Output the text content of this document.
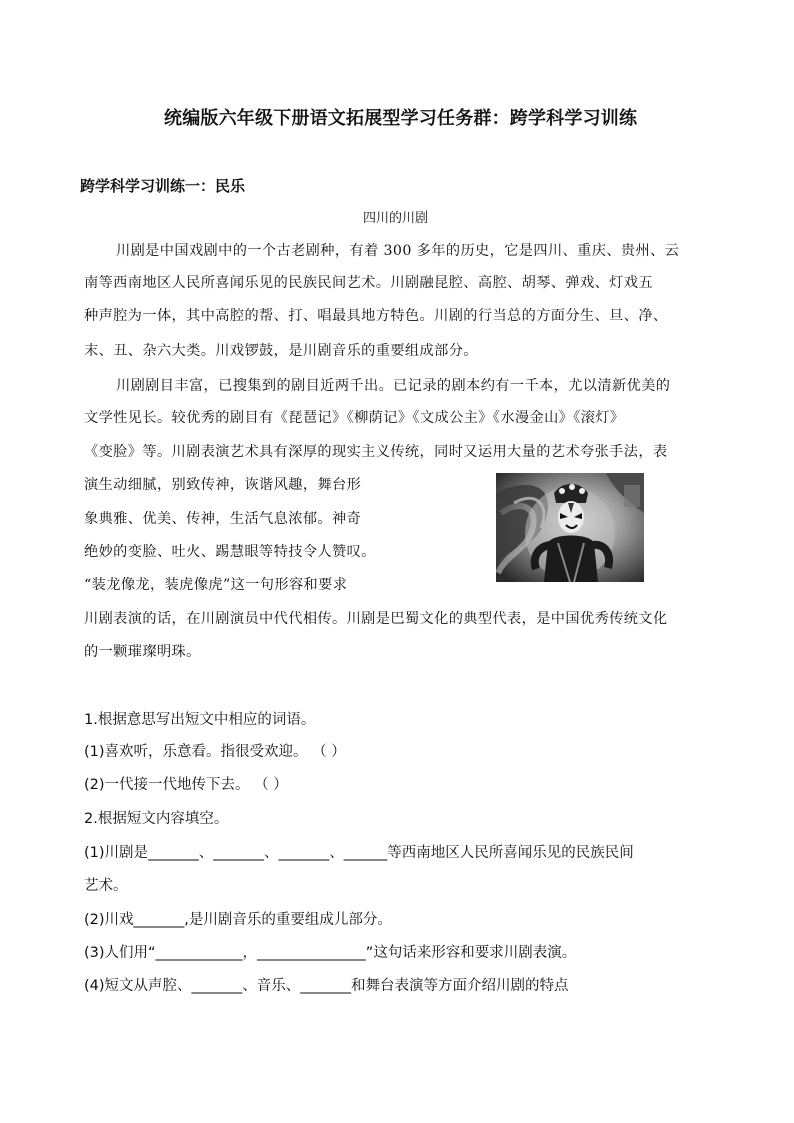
统编版六年级下册语文拓展型学习任务群：跨学科学习训练
跨学科学习训练一：民乐
四川的川剧
川剧是中国戏剧中的一个古老剧种，有着 300 多年的历史，它是四川、重庆、贵州、云
南等西南地区人民所喜闻乐见的民族民间艺术。川剧融昆腔、高腔、胡琴、弹戏、灯戏五
种声腔为一体，其中高腔的帮、打、唱最具地方特色。川剧的行当总的方面分生、旦、净、
末、丑、杂六大类。川戏锣鼓，是川剧音乐的重要组成部分。
川剧剧目丰富，已搜集到的剧目近两千出。已记录的剧本约有一千本，尤以清新优美的
文学性见长。较优秀的剧目有《琵琶记》《柳荫记》《文成公主》《水漫金山》《滚灯》
《变脸》等。川剧表演艺术具有深厚的现实主义传统，同时又运用大量的艺术夸张手法，表
演生动细腻，别致传神，诙谐风趣，舞台形
象典雅、优美、传神，生活气息浓郁。神奇
绝妙的变脸、吐火、踢慧眼等特技令人赞叹。
“装龙像龙，装虎像虎”这一句形容和要求
川剧表演的话，在川剧演员中代代相传。川剧是巴蜀文化的典型代表，是中国优秀传统文化
的一颗璀璨明珠。
1.根据意思写出短文中相应的词语。
(1)喜欢听，乐意看。指很受欢迎。 （ ）
(2)一代接一代地传下去。 （ ）
2.根据短文内容填空。
(1)川剧是_______、_______、_______、______等西南地区人民所喜闻乐见的民族民间
艺术。
(2)川戏_______,是川剧音乐的重要组成儿部分。
(3)人们用“____________，_______________”这句话来形容和要求川剧表演。
(4)短文从声腔、_______、音乐、_______和舞台表演等方面介绍川剧的特点
